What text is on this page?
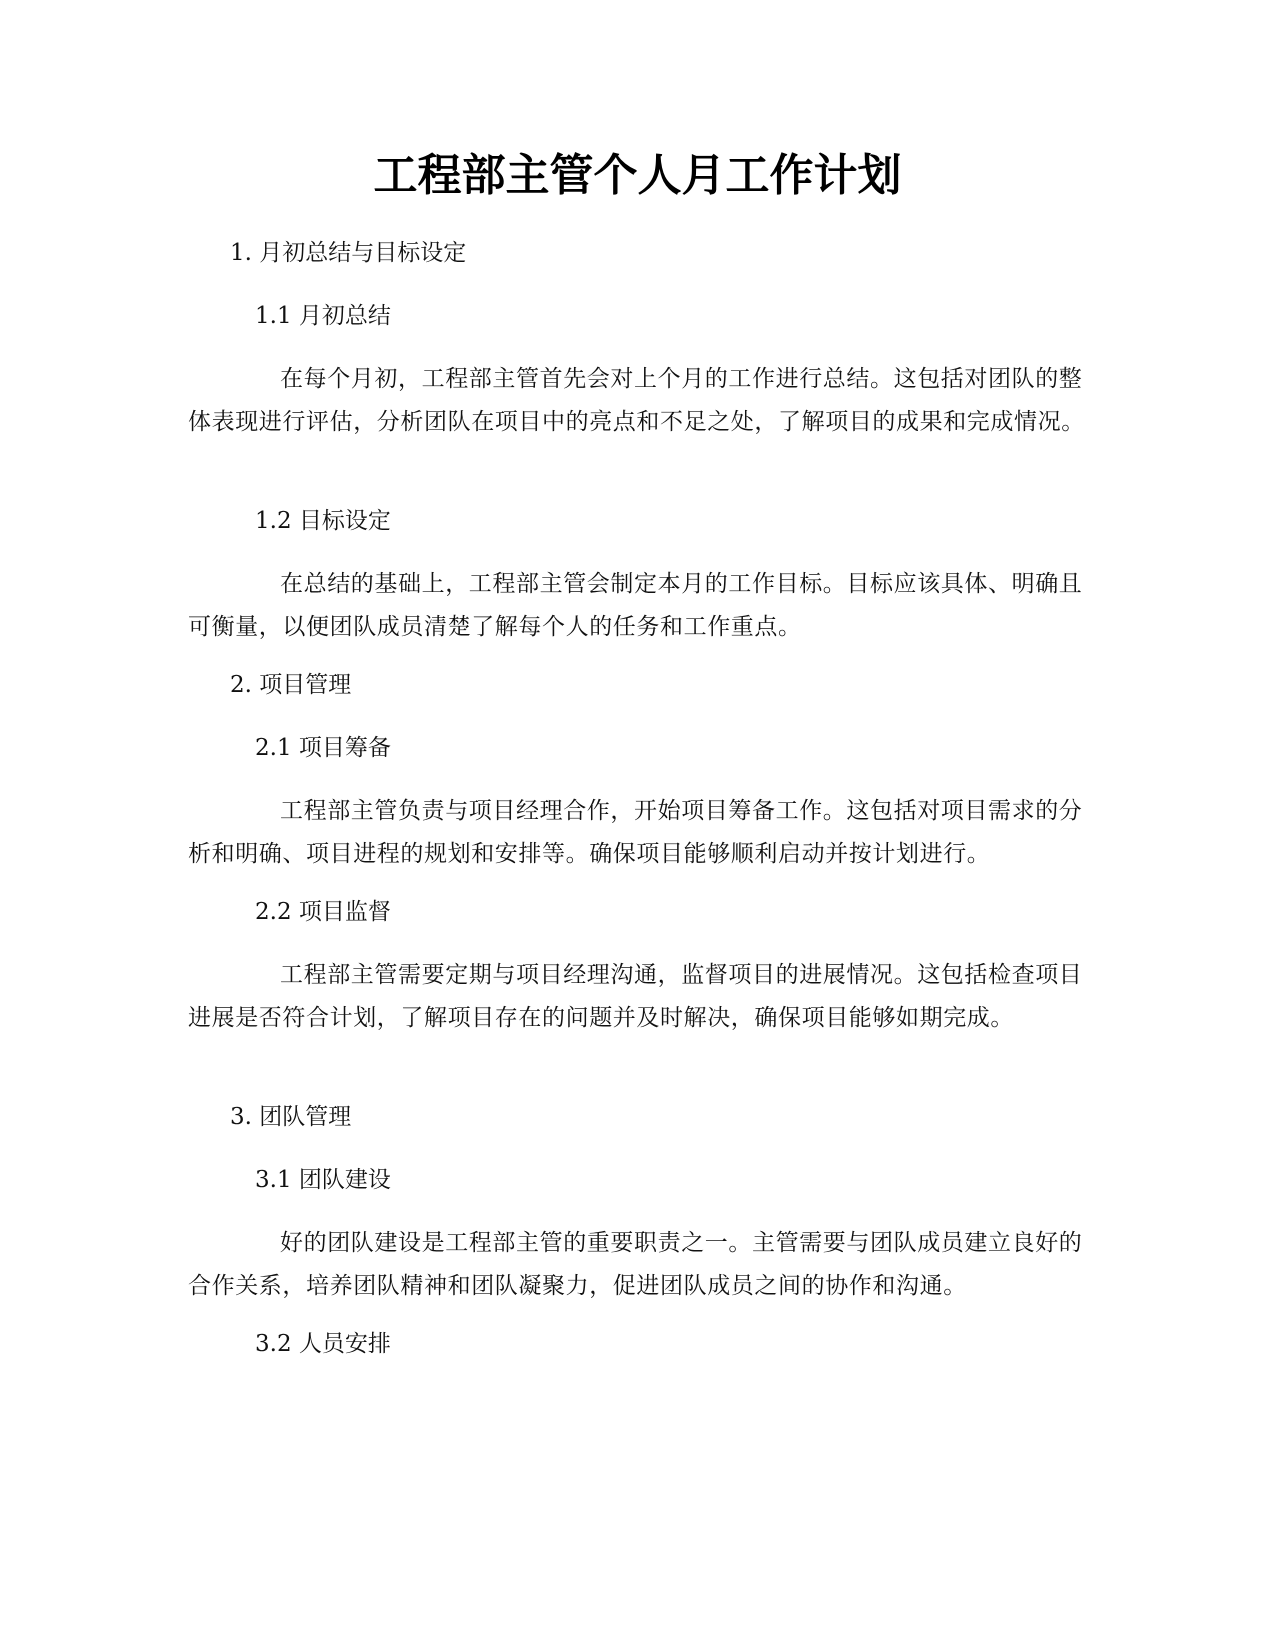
工程部主管个人月工作计划

1. 月初总结与目标设定

1.1 月初总结

在每个月初，工程部主管首先会对上个月的工作进行总结。这包括对团队的整体表现进行评估，分析团队在项目中的亮点和不足之处，了解项目的成果和完成情况。

1.2 目标设定

在总结的基础上，工程部主管会制定本月的工作目标。目标应该具体、明确且可衡量，以便团队成员清楚了解每个人的任务和工作重点。

2. 项目管理

2.1 项目筹备

工程部主管负责与项目经理合作，开始项目筹备工作。这包括对项目需求的分析和明确、项目进程的规划和安排等。确保项目能够顺利启动并按计划进行。

2.2 项目监督

工程部主管需要定期与项目经理沟通，监督项目的进展情况。这包括检查项目进展是否符合计划，了解项目存在的问题并及时解决，确保项目能够如期完成。

3. 团队管理

3.1 团队建设

好的团队建设是工程部主管的重要职责之一。主管需要与团队成员建立良好的合作关系，培养团队精神和团队凝聚力，促进团队成员之间的协作和沟通。

3.2 人员安排
